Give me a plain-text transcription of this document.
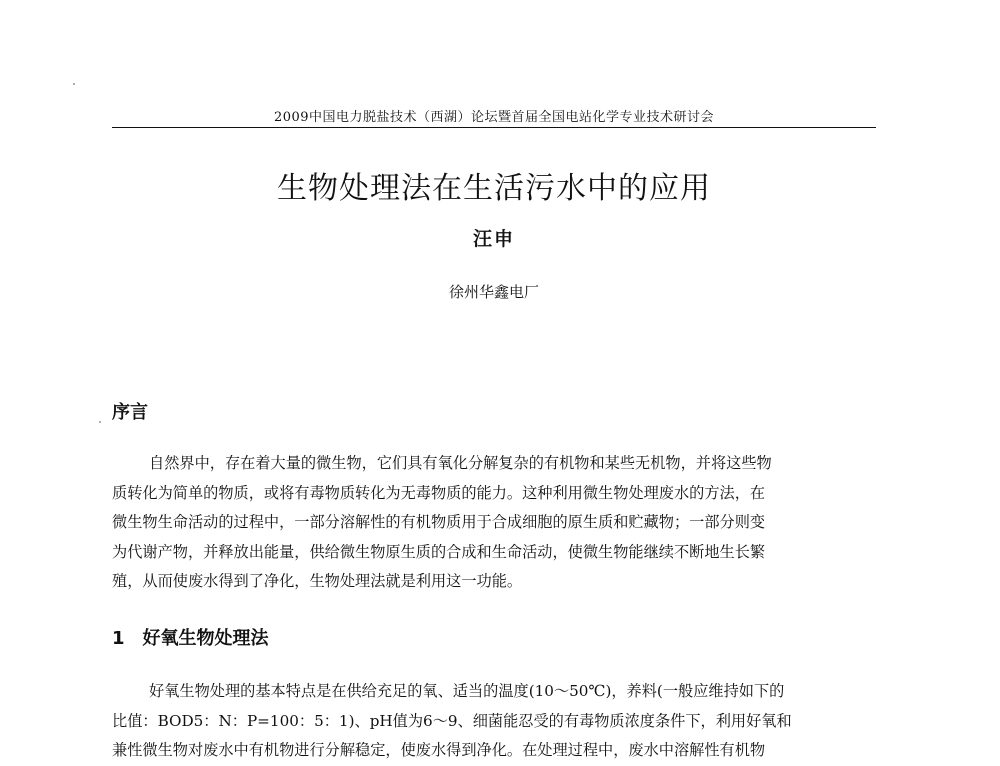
2009中国电力脱盐技术（西湖）论坛暨首届全国电站化学专业技术研讨会
生物处理法在生活污水中的应用
汪申
徐州华鑫电厂
序言
自然界中，存在着大量的微生物，它们具有氧化分解复杂的有机物和某些无机物，并将这些物
质转化为简单的物质，或将有毒物质转化为无毒物质的能力。这种利用微生物处理废水的方法，在
微生物生命活动的过程中，一部分溶解性的有机物质用于合成细胞的原生质和贮藏物；一部分则变
为代谢产物，并释放出能量，供给微生物原生质的合成和生命活动，使微生物能继续不断地生长繁
殖，从而使废水得到了净化，生物处理法就是利用这一功能。
1　好氧生物处理法
好氧生物处理的基本特点是在供给充足的氧、适当的温度(10～50℃)，养料(一般应维持如下的
比值：BOD5：N：P=100：5：1)、pH值为6～9、细菌能忍受的有毒物质浓度条件下，利用好氧和
兼性微生物对废水中有机物进行分解稳定，使废水得到净化。在处理过程中，废水中溶解性有机物
